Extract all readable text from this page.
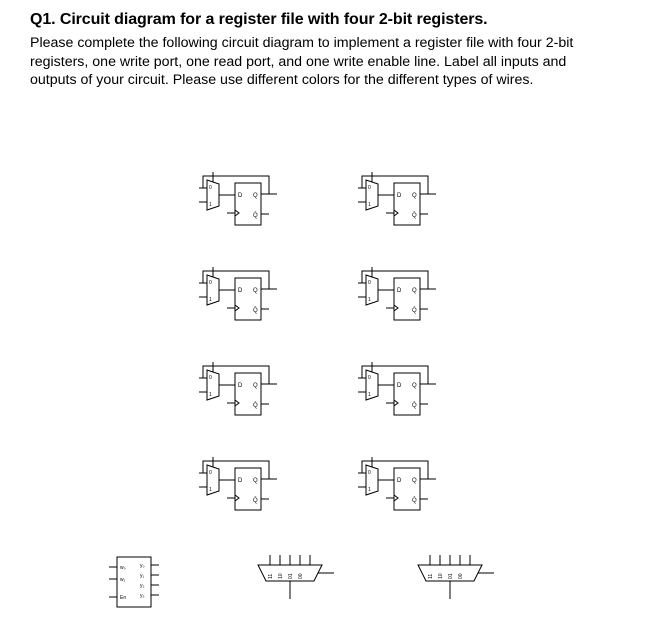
Q1. Circuit diagram for a register file with four 2-bit registers.

Please complete the following circuit diagram to implement a register file with four 2-bit

registers, one write port, one read port, and one write enable line. Label all inputs and

outputs of your circuit. Please use different colors for the different types of wires.

0
1
D Q
Q̄
0
1
D Q
Q̄
0
1
D Q
Q̄
0
1
D Q
Q̄
0
1
D Q
Q̄
0
1
D Q
Q̄
0
1
D Q
Q̄
0
1
D Q
Q̄
w₀
w₁
En
y₀
y₁
y₂
y₃
11 10 01 00	11 10 01 00
